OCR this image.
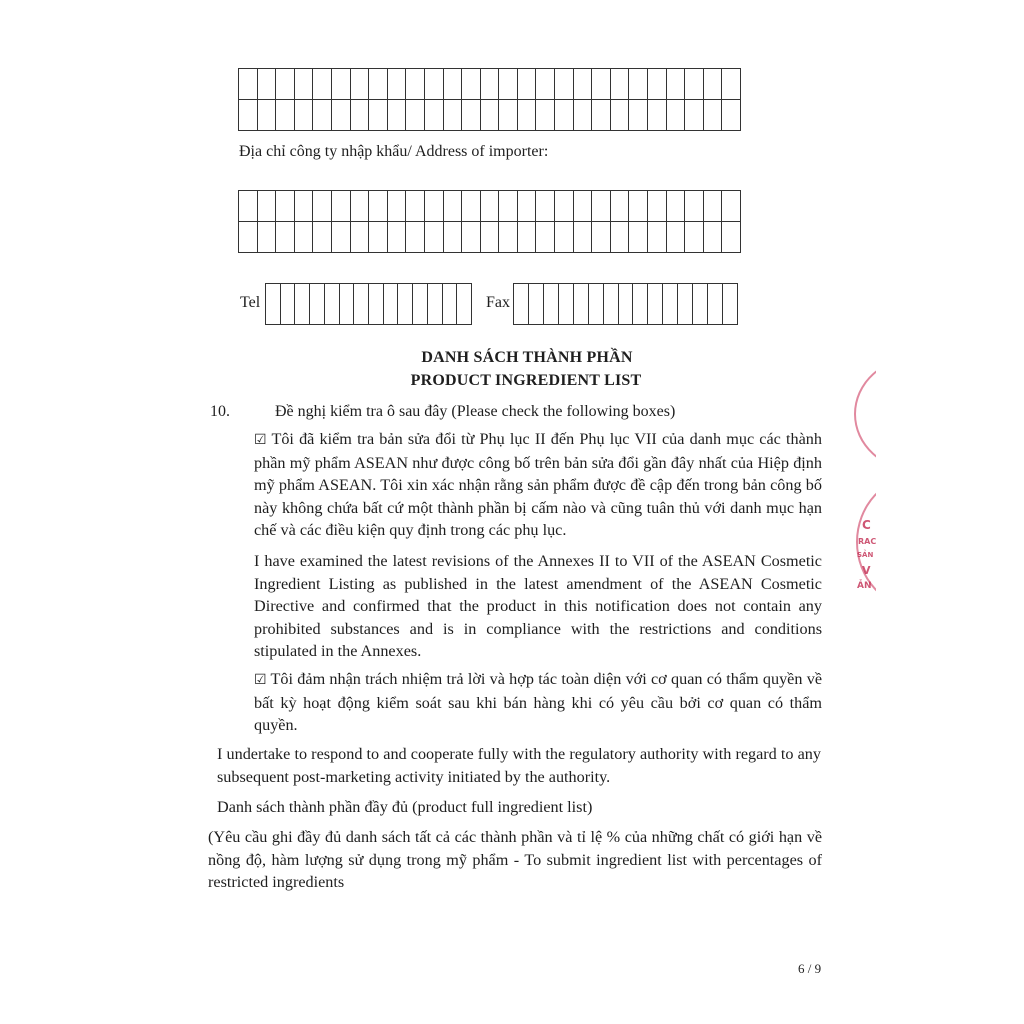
Địa chỉ công ty nhập khẩu/ Address of importer:
Tel	Fax
DANH SÁCH THÀNH PHẦN
PRODUCT INGREDIENT LIST
10.	Đề nghị kiểm tra ô sau đây (Please check the following boxes)
☑ Tôi đã kiểm tra bản sửa đổi từ Phụ lục II đến Phụ lục VII của danh mục các thành phần mỹ phẩm ASEAN như được công bố trên bản sửa đổi gần đây nhất của Hiệp định mỹ phẩm ASEAN. Tôi xin xác nhận rằng sản phẩm được đề cập đến trong bản công bố này không chứa bất cứ một thành phần bị cấm nào và cũng tuân thủ với danh mục hạn chế và các điều kiện quy định trong các phụ lục.
I have examined the latest revisions of the Annexes II to VII of the ASEAN Cosmetic Ingredient Listing as published in the latest amendment of the ASEAN Cosmetic Directive and confirmed that the product in this notification does not contain any prohibited substances and is in compliance with the restrictions and conditions stipulated in the Annexes.
☑ Tôi đảm nhận trách nhiệm trả lời và hợp tác toàn diện với cơ quan có thẩm quyền về bất kỳ hoạt động kiểm soát sau khi bán hàng khi có yêu cầu bởi cơ quan có thẩm quyền.
I undertake to respond to and cooperate fully with the regulatory authority with regard to any subsequent post-marketing activity initiated by the authority.
Danh sách thành phần đầy đủ (product full ingredient list)
(Yêu cầu ghi đầy đủ danh sách tất cả các thành phần và tỉ lệ % của những chất có giới hạn về nồng độ, hàm lượng sử dụng trong mỹ phẩm - To submit ingredient list with percentages of restricted ingredients
6 / 9
C
RAC
SẢN
V
ẢN
